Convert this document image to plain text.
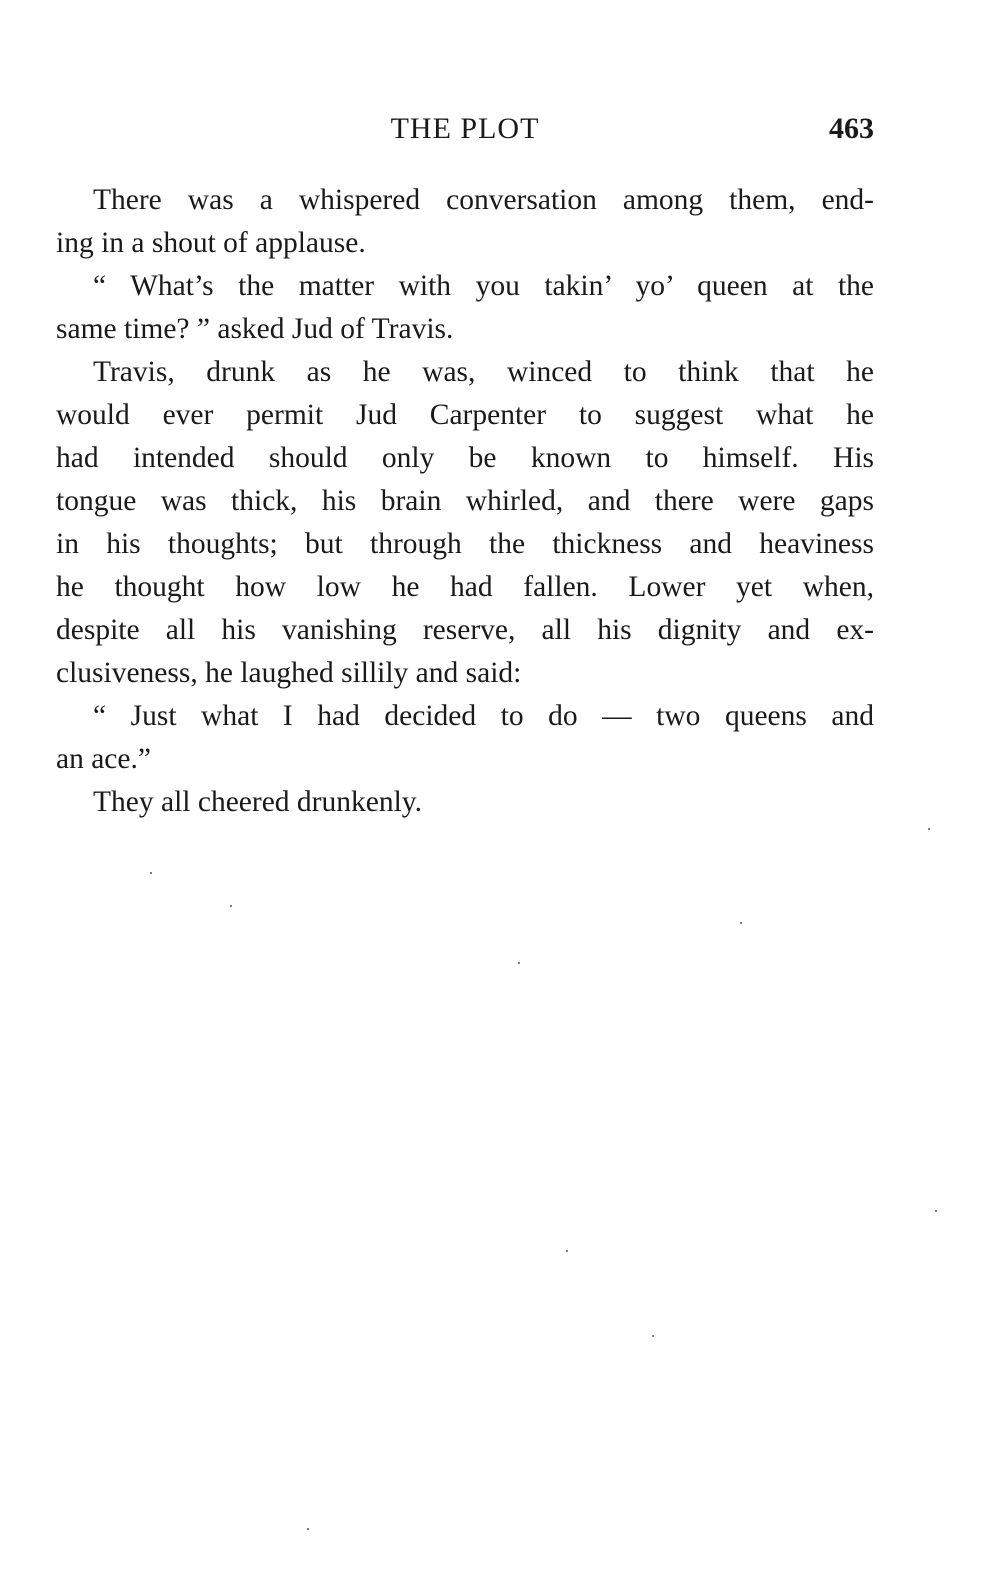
THE PLOT	463

There was a whispered conversation among them, end-
ing in a shout of applause.

“ What’s the matter with you takin’ yo’ queen at the
same time? ” asked Jud of Travis.

Travis, drunk as he was, winced to think that he
would ever permit Jud Carpenter to suggest what he
had intended should only be known to himself. His
tongue was thick, his brain whirled, and there were gaps
in his thoughts; but through the thickness and heaviness
he thought how low he had fallen. Lower yet when,
despite all his vanishing reserve, all his dignity and ex-
clusiveness, he laughed sillily and said:

“ Just what I had decided to do — two queens and
an ace.”

They all cheered drunkenly.
